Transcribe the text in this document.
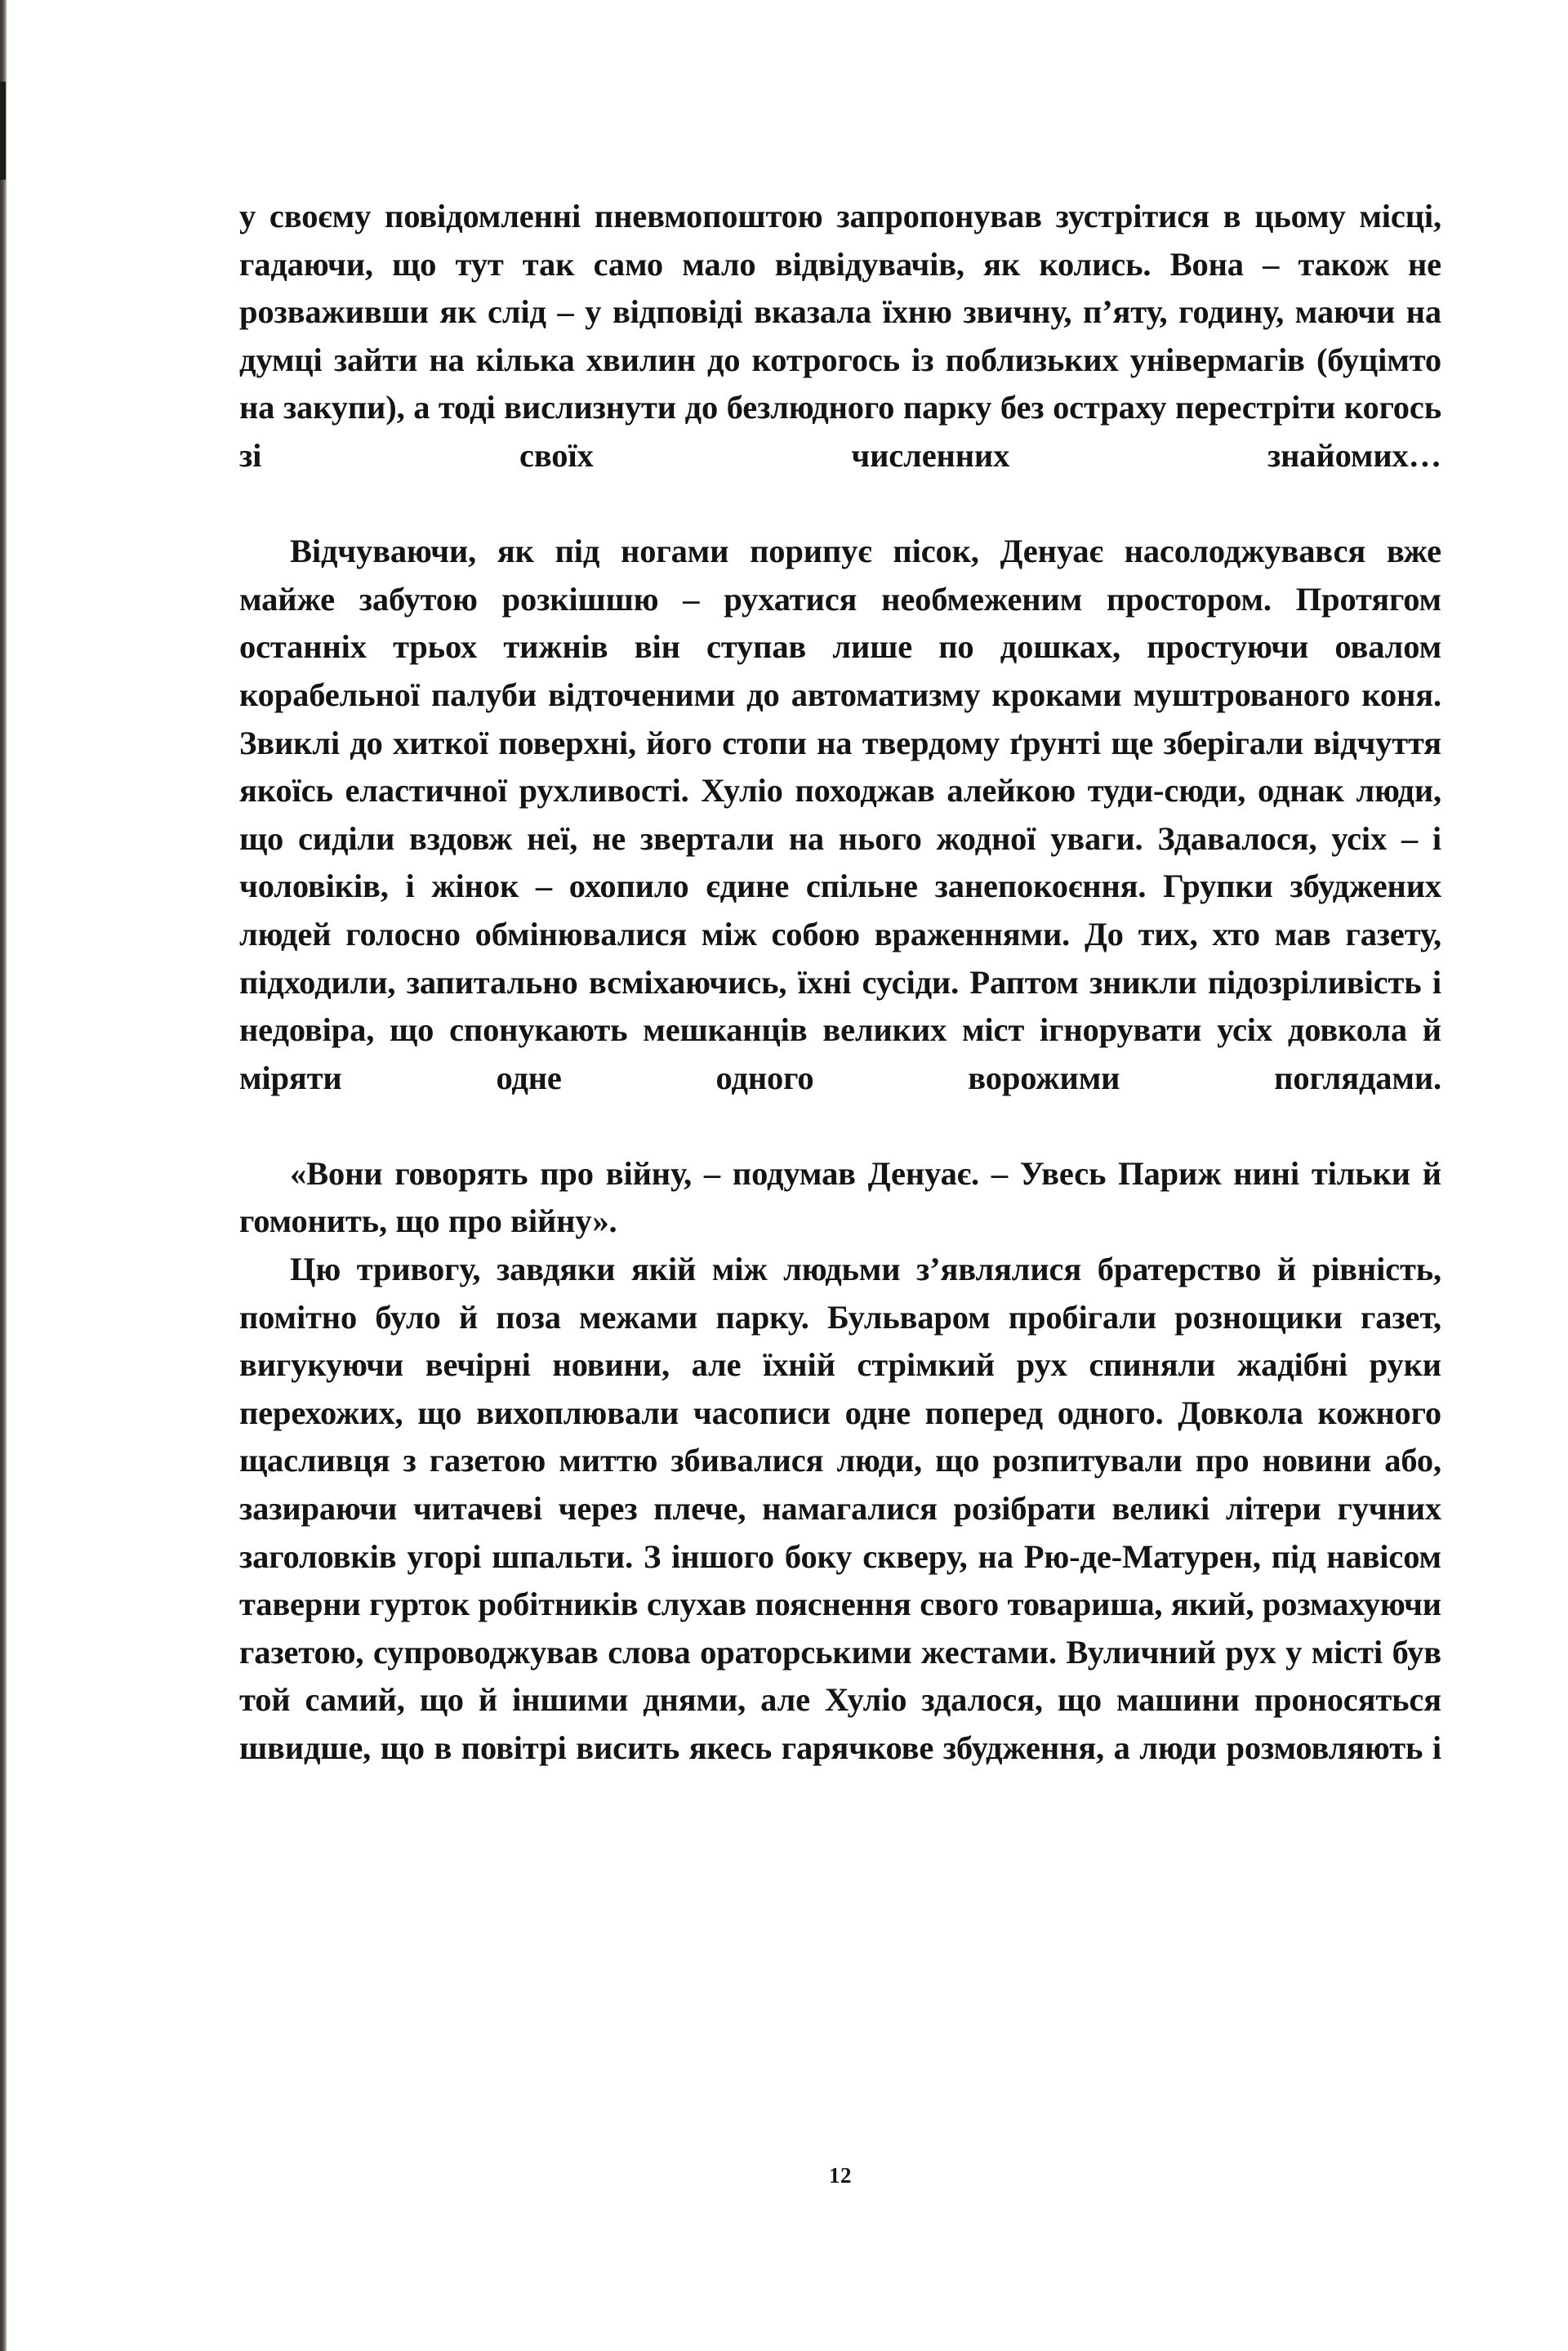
у своєму повідомленні пневмопоштою запропонував зустрітися в цьому місці, гадаючи, що тут так само мало відвідувачів, як колись. Вона – також не розваживши як слід – у відповіді вказала їхню звичну, п’яту, годину, маючи на думці зайти на кілька хвилин до котрогось із поблизьких універмагів (буцімто на закупи), а тоді вислизнути до безлюдного парку без остраху перестріти когось зі своїх численних знайомих…

Відчуваючи, як під ногами порипує пісок, Денуає насолоджувався вже майже забутою розкішшю – рухатися необмеженим простором. Протягом останніх трьох тижнів він ступав лише по дошках, простуючи овалом корабельної палуби відточеними до автоматизму кроками муштрованого коня. Звиклі до хиткої поверхні, його стопи на твердому ґрунті ще зберігали відчуття якоїсь еластичної рухливості. Хуліо походжав алейкою туди-сюди, однак люди, що сиділи вздовж неї, не звертали на нього жодної уваги. Здавалося, усіх – і чоловіків, і жінок – охопило єдине спільне занепокоєння. Групки збуджених людей голосно обмінювалися між собою враженнями. До тих, хто мав газету, підходили, запитально всміхаючись, їхні сусіди. Раптом зникли підозріливість і недовіра, що спонукають мешканців великих міст ігнорувати усіх довкола й міряти одне одного ворожими поглядами.

«Вони говорять про війну, – подумав Денуає. – Увесь Париж нині тільки й гомонить, що про війну».

Цю тривогу, завдяки якій між людьми з’являлися братерство й рівність, помітно було й поза межами парку. Бульваром пробігали рознощики газет, вигукуючи вечірні новини, але їхній стрімкий рух спиняли жадібні руки перехожих, що вихоплювали часописи одне поперед одного. Довкола кожного щасливця з газетою миттю збивалися люди, що розпитували про новини або, зазираючи читачеві через плече, намагалися розібрати великі літери гучних заголовків угорі шпальти. З іншого боку скверу, на Рю-де-Матурен, під навісом таверни гурток робітників слухав пояснення свого товариша, який, розмахуючи газетою, супроводжував слова ораторськими жестами. Вуличний рух у місті був той самий, що й іншими днями, але Хуліо здалося, що машини проносяться швидше, що в повітрі висить якесь гарячкове збудження, а люди розмовляють і

12
